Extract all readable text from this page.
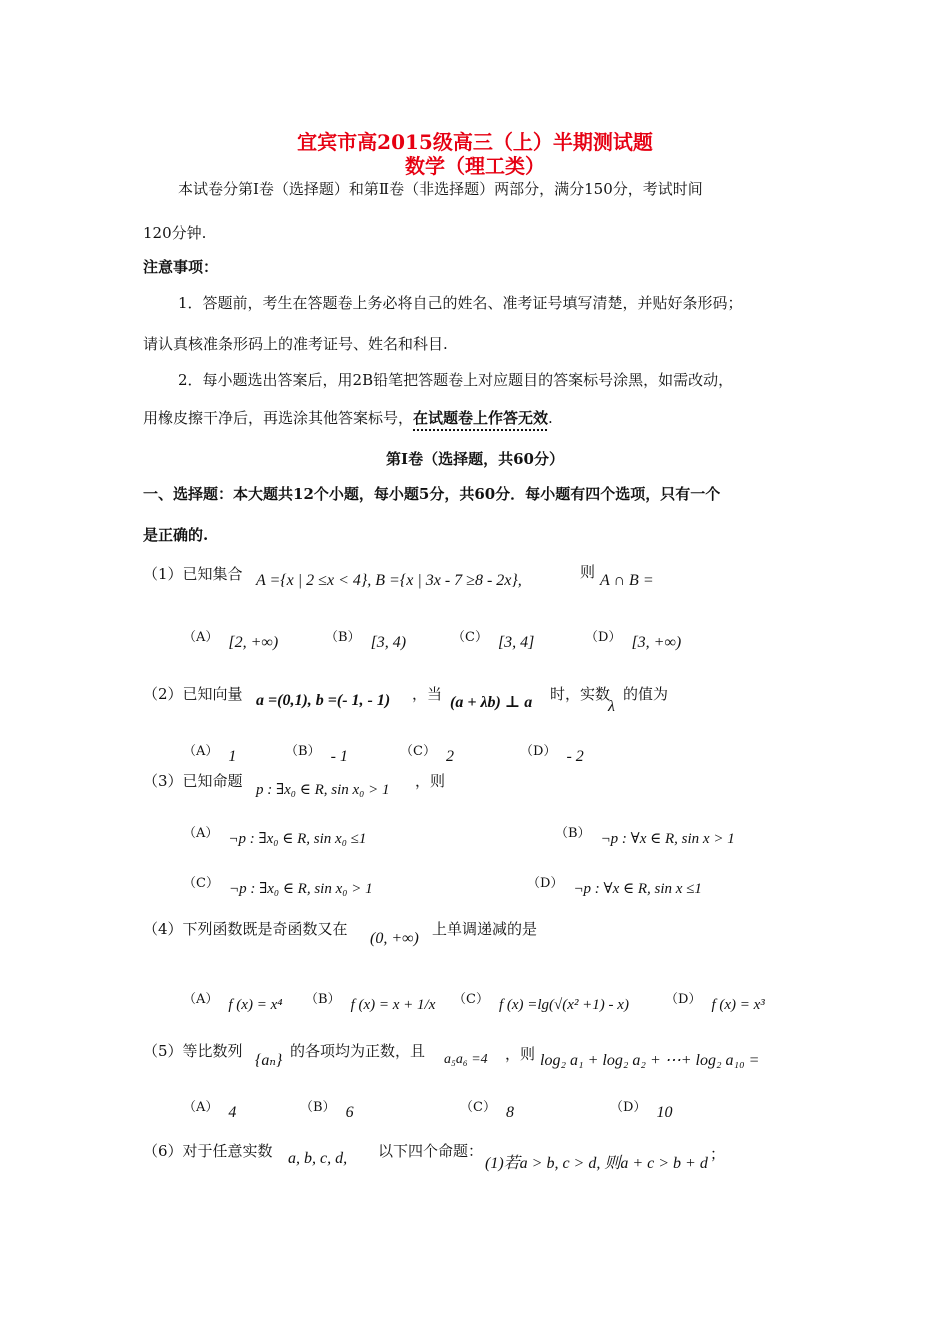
宜宾市高2015级高三（上）半期测试题
数学（理工类）
本试卷分第Ⅰ卷（选择题）和第Ⅱ卷（非选择题）两部分，满分150分，考试时间
120分钟.
注意事项：
1．答题前，考生在答题卷上务必将自己的姓名、准考证号填写清楚，并贴好条形码；
请认真核准条形码上的准考证号、姓名和科目.
2．每小题选出答案后，用2B铅笔把答题卷上对应题目的答案标号涂黑，如需改动，
用橡皮擦干净后，再选涂其他答案标号，在试题卷上作答无效.
第Ⅰ卷（选择题，共60分）
一、选择题：本大题共12个小题，每小题5分，共60分．每小题有四个选项，只有一个
是正确的.
（1）已知集合 A ={x | 2 ≤x < 4}, B ={x | 3x - 7 ≥8 - 2x},	则 A ∩ B =
（A） [2, +∞)	（B） [3, 4)	（C） [3, 4]	（D） [3, +∞)
（2）已知向量 a =(0,1), b =(- 1, - 1) ，当 (a + λb) ⊥ a 时，实数
λ
的值为
（A） 1	（B） - 1	（C） 2	（D） - 2
（3）已知命题 p : ∃x₀ ∈ R, sin x₀ > 1 ，则
（A） ¬p : ∃x₀ ∈ R, sin x₀ ≤1	（B） ¬p : ∀x ∈ R, sin x > 1
（C） ¬p : ∃x₀ ∈ R, sin x₀ > 1	（D） ¬p : ∀x ∈ R, sin x ≤1
（4）下列函数既是奇函数又在
(0, +∞)
上单调递减的是
（A） f (x) = x⁴ （B） f (x) = x + 1/x （C） f (x) =lg(√(x² +1) - x)	（D） f (x) = x³
（5）等比数列
{aₙ}
的各项均为正数，且 a₅a₆ =4 ，则 log₂ a₁ + log₂ a₂ + ⋯+ log₂ a₁₀ =
（A） 4	（B） 6	（C） 8	（D） 10
（6）对于任意实数 a, b, c, d, 以下四个命题：
(1)若a > b, c > d, 则a + c > b + d
；
